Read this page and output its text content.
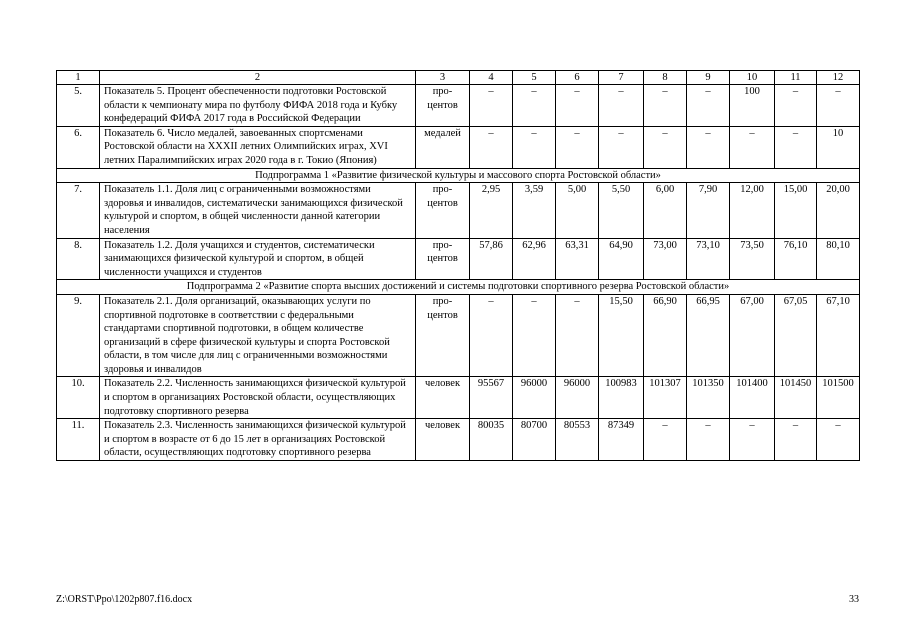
1	2	3	4	5	6	7	8	9	10	11	12
5.	Показатель 5. Процент обеспеченности подготовки Ростовской области к чемпионату мира по футболу ФИФА 2018 года и Кубку конфедераций ФИФА 2017 года в Российской Федерации	про-
центов	–	–	–	–	–	–	100	–	–
6.	Показатель 6. Число медалей, завоеванных спортсменами Ростовской области на XXXII летних Олимпийских играх, XVI летних Паралимпийских играх 2020 года в г. Токио (Япония)	медалей	–	–	–	–	–	–	–	–	10
Подпрограмма 1 «Развитие физической культуры и массового спорта Ростовской области»											
7.	Показатель 1.1. Доля лиц с ограниченными возможностями здоровья и инвалидов, систематически занимающихся физической культурой и спортом, в общей численности данной категории населения	про-
центов	2,95	3,59	5,00	5,50	6,00	7,90	12,00	15,00	20,00
8.	Показатель 1.2. Доля учащихся и студентов, систематически занимающихся физической культурой и спортом, в общей численности учащихся и студентов	про-
центов	57,86	62,96	63,31	64,90	73,00	73,10	73,50	76,10	80,10
Подпрограмма 2 «Развитие спорта высших достижений и системы подготовки спортивного резерва Ростовской области»											
9.	Показатель 2.1. Доля организаций, оказывающих услуги по спортивной подготовке в соответствии с федеральными стандартами спортивной подготовки, в общем количестве организаций в сфере физической культуры и спорта Ростовской области, в том числе для лиц с ограниченными возможностями здоровья и инвалидов	про-
центов	–	–	–	15,50	66,90	66,95	67,00	67,05	67,10
10.	Показатель 2.2. Численность занимающихся физической культурой и спортом в организациях Ростовской области, осуществляющих подготовку спортивного резерва	человек	95567	96000	96000	100983	101307	101350	101400	101450	101500
11.	Показатель 2.3. Численность занимающихся физической культурой и спортом в возрасте от 6 до 15 лет в организациях Ростовской области, осуществляющих подготовку спортивного резерва	человек	80035	80700	80553	87349	–	–	–	–	–
Z:\ORST\Ppo\1202p807.f16.docx	33
